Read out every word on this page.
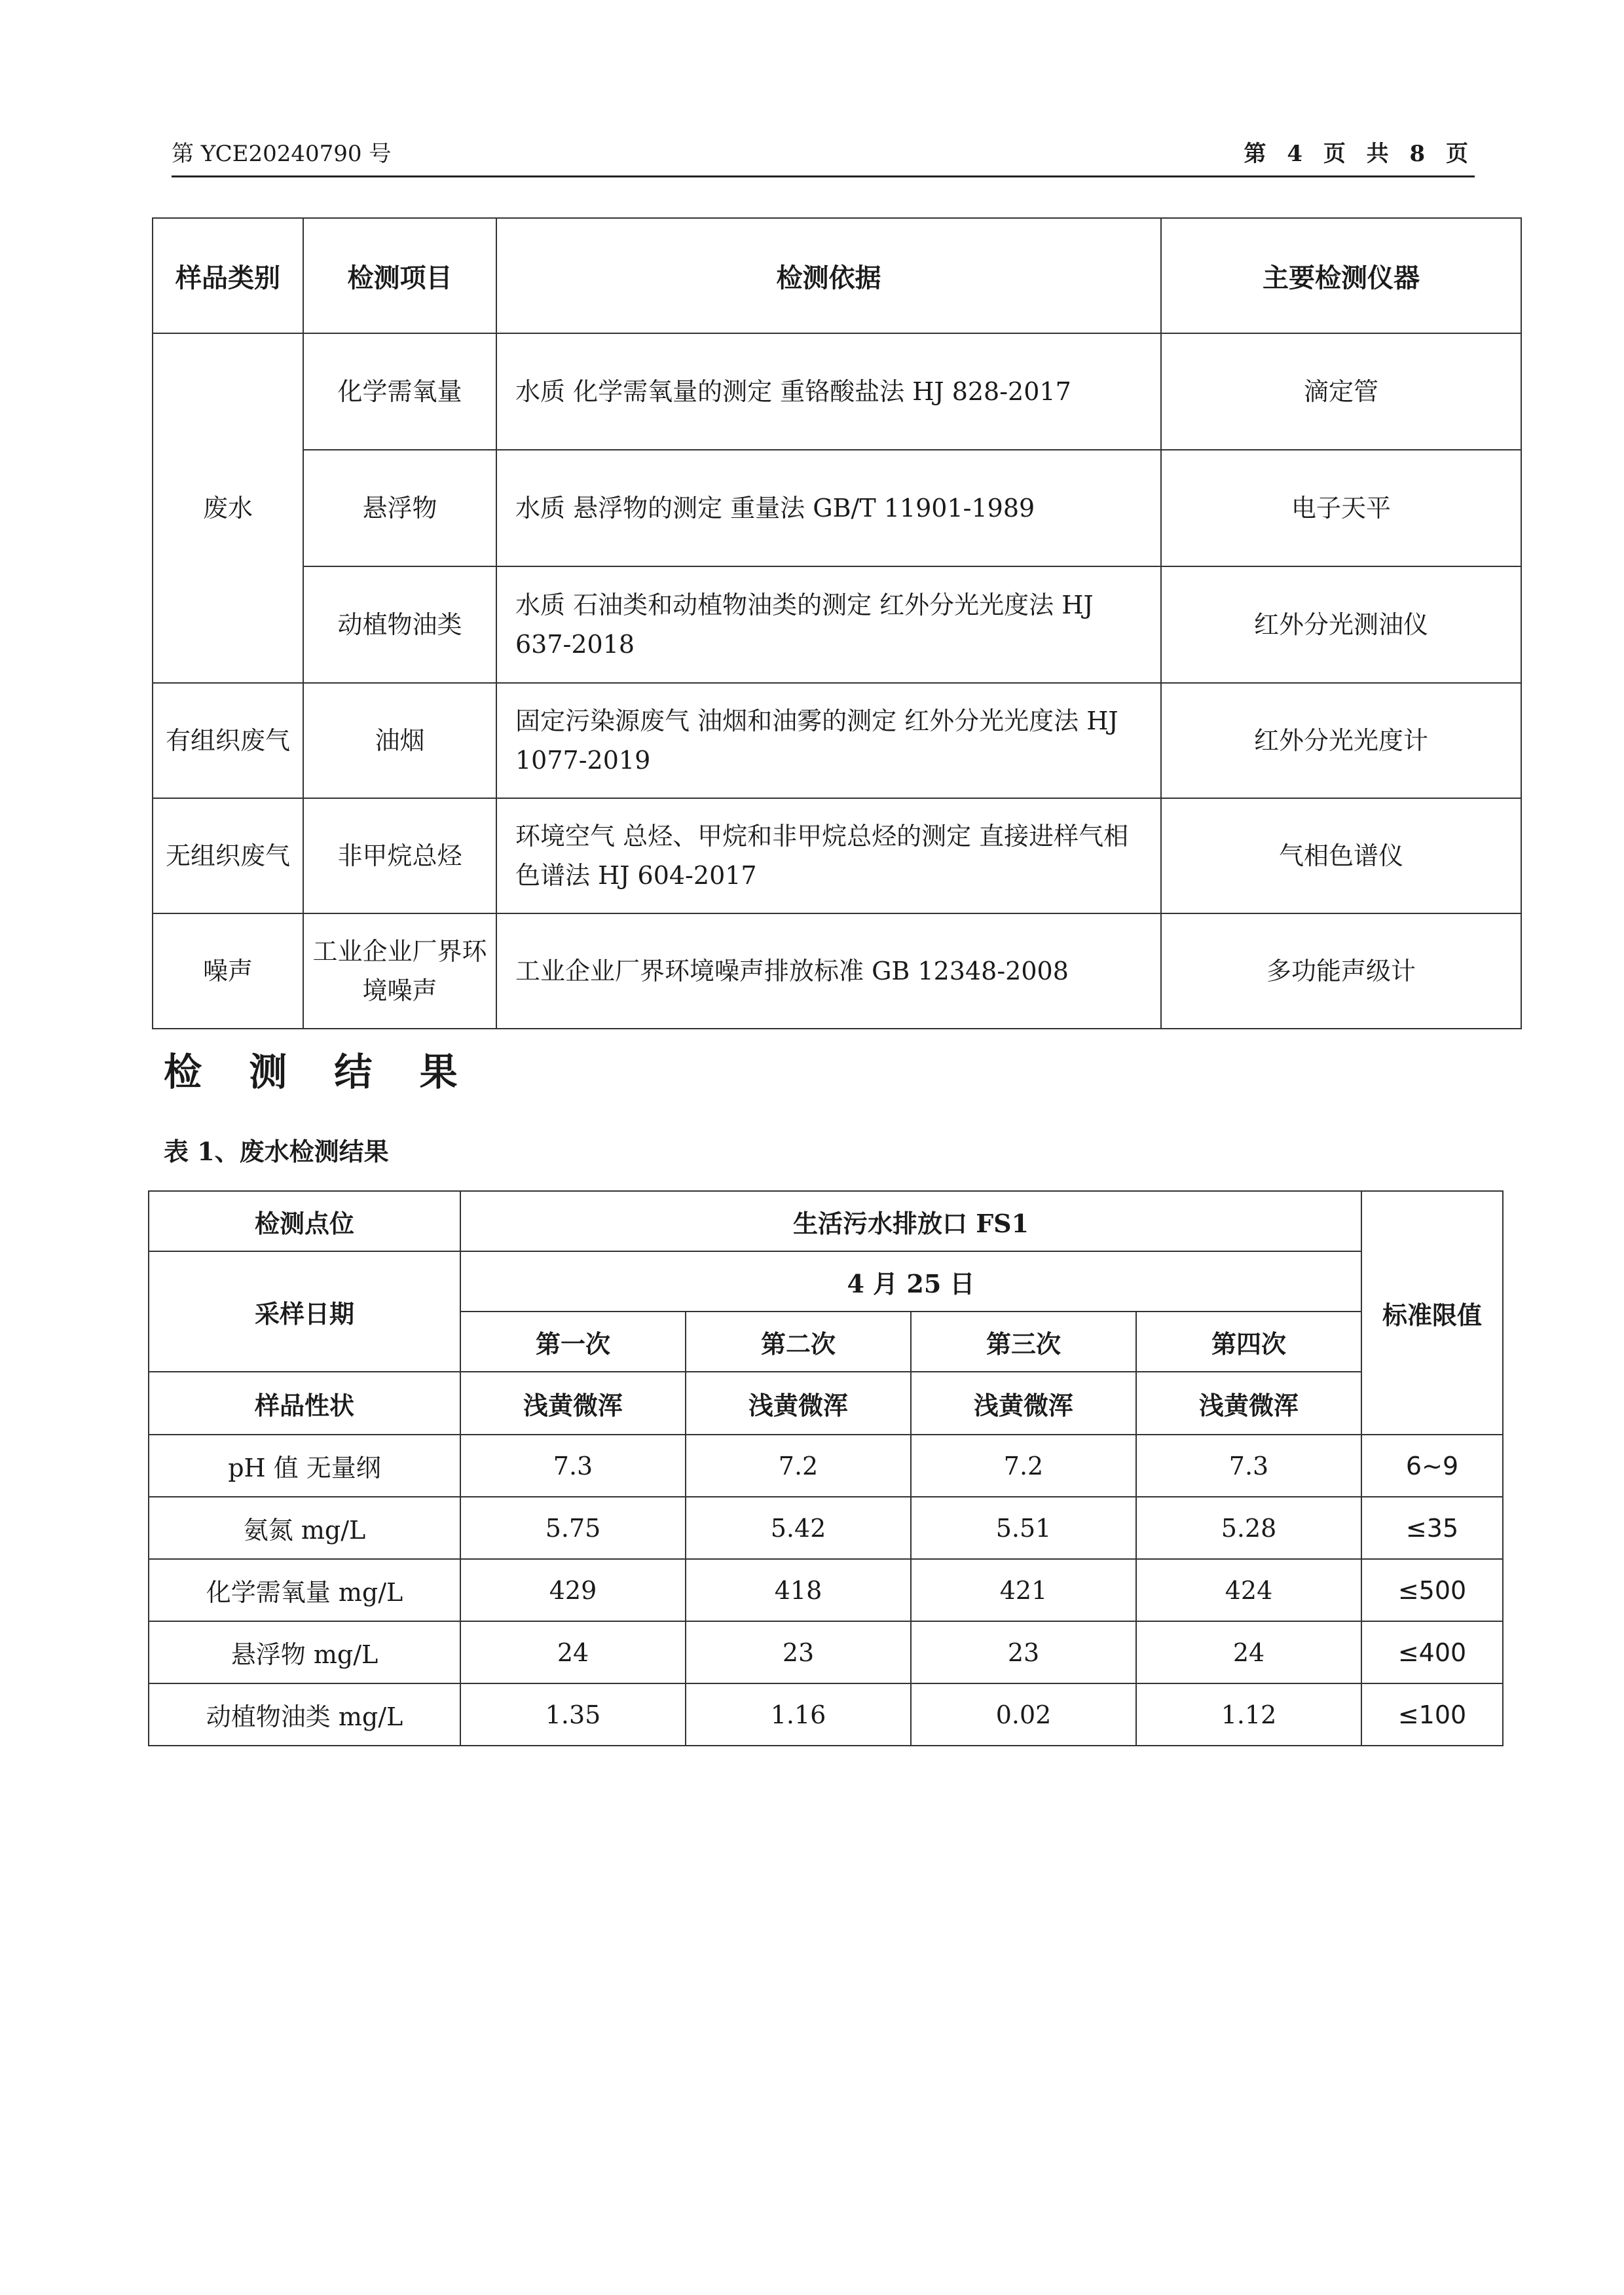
第 YCE20240790 号	第 4 页 共 8 页
样品类别	检测项目	检测依据	主要检测仪器
废水	化学需氧量	水质 化学需氧量的测定 重铬酸盐法 HJ 828-2017	滴定管
	悬浮物	水质 悬浮物的测定 重量法 GB/T 11901-1989	电子天平
	动植物油类	水质 石油类和动植物油类的测定 红外分光光度法 HJ 637-2018	红外分光测油仪
有组织废气	油烟	固定污染源废气 油烟和油雾的测定 红外分光光度法 HJ 1077-2019	红外分光光度计
无组织废气	非甲烷总烃	环境空气 总烃、甲烷和非甲烷总烃的测定 直接进样气相色谱法 HJ 604-2017	气相色谱仪
噪声	工业企业厂界环境噪声	工业企业厂界环境噪声排放标准 GB 12348-2008	多功能声级计
检 测 结 果
表 1、废水检测结果
检测点位	生活污水排放口 FS1				标准限值
采样日期	4 月 25 日				
	第一次	第二次	第三次	第四次	
样品性状	浅黄微浑	浅黄微浑	浅黄微浑	浅黄微浑	
pH 值 无量纲	7.3	7.2	7.2	7.3	6~9
氨氮 mg/L	5.75	5.42	5.51	5.28	≤35
化学需氧量 mg/L	429	418	421	424	≤500
悬浮物 mg/L	24	23	23	24	≤400
动植物油类 mg/L	1.35	1.16	0.02	1.12	≤100
